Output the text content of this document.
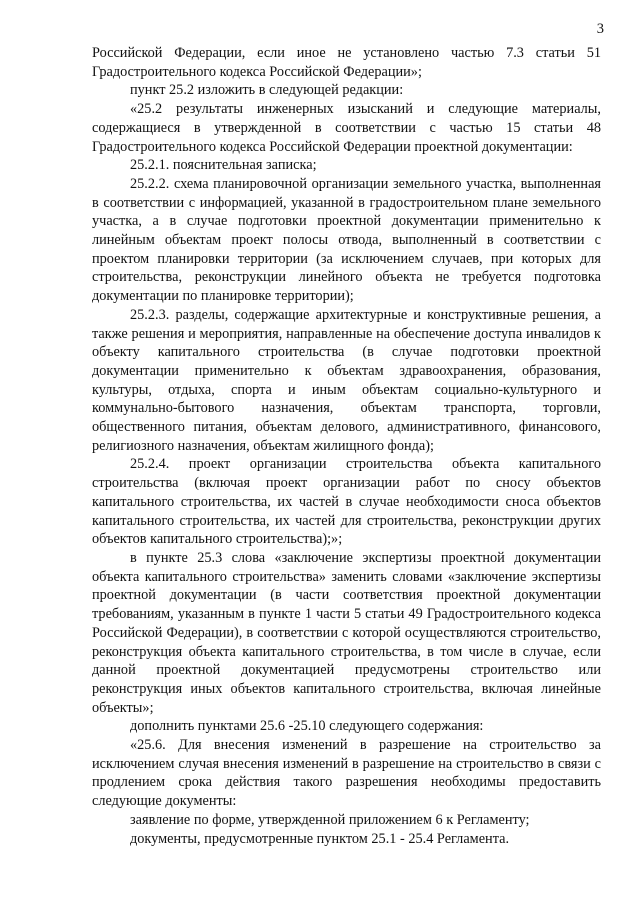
3

Российской Федерации, если иное не установлено частью 7.3 статьи 51 Градостроительного кодекса Российской Федерации»;

пункт 25.2 изложить в следующей редакции:

«25.2 результаты инженерных изысканий и следующие материалы, содержащиеся в утвержденной в соответствии с частью 15 статьи 48 Градостроительного кодекса Российской Федерации проектной документации:

25.2.1. пояснительная записка;

25.2.2. схема планировочной организации земельного участка, выполненная в соответствии с информацией, указанной в градостроительном плане земельного участка, а в случае подготовки проектной документации применительно к линейным объектам проект полосы отвода, выполненный в соответствии с проектом планировки территории (за исключением случаев, при которых для строительства, реконструкции линейного объекта не требуется подготовка документации по планировке территории);

25.2.3. разделы, содержащие архитектурные и конструктивные решения, а также решения и мероприятия, направленные на обеспечение доступа инвалидов к объекту капитального строительства (в случае подготовки проектной документации применительно к объектам здравоохранения, образования, культуры, отдыха, спорта и иным объектам социально-культурного и коммунально-бытового назначения, объектам транспорта, торговли, общественного питания, объектам делового, административного, финансового, религиозного назначения, объектам жилищного фонда);

25.2.4. проект организации строительства объекта капитального строительства (включая проект организации работ по сносу объектов капитального строительства, их частей в случае необходимости сноса объектов капитального строительства, их частей для строительства, реконструкции других объектов капитального строительства);»;

в пункте 25.3 слова «заключение экспертизы проектной документации объекта капитального строительства» заменить словами «заключение экспертизы проектной документации (в части соответствия проектной документации требованиям, указанным в пункте 1 части 5 статьи 49 Градостроительного кодекса Российской Федерации), в соответствии с которой осуществляются строительство, реконструкция объекта капитального строительства, в том числе в случае, если данной проектной документацией предусмотрены строительство или реконструкция иных объектов капитального строительства, включая линейные объекты»;

дополнить пунктами 25.6 -25.10 следующего содержания:

«25.6. Для внесения изменений в разрешение на строительство за исключением случая внесения изменений в разрешение на строительство в связи с продлением срока действия такого разрешения необходимы предоставить следующие документы:

заявление по форме, утвержденной приложением 6 к Регламенту;

документы, предусмотренные пунктом 25.1 - 25.4 Регламента.
